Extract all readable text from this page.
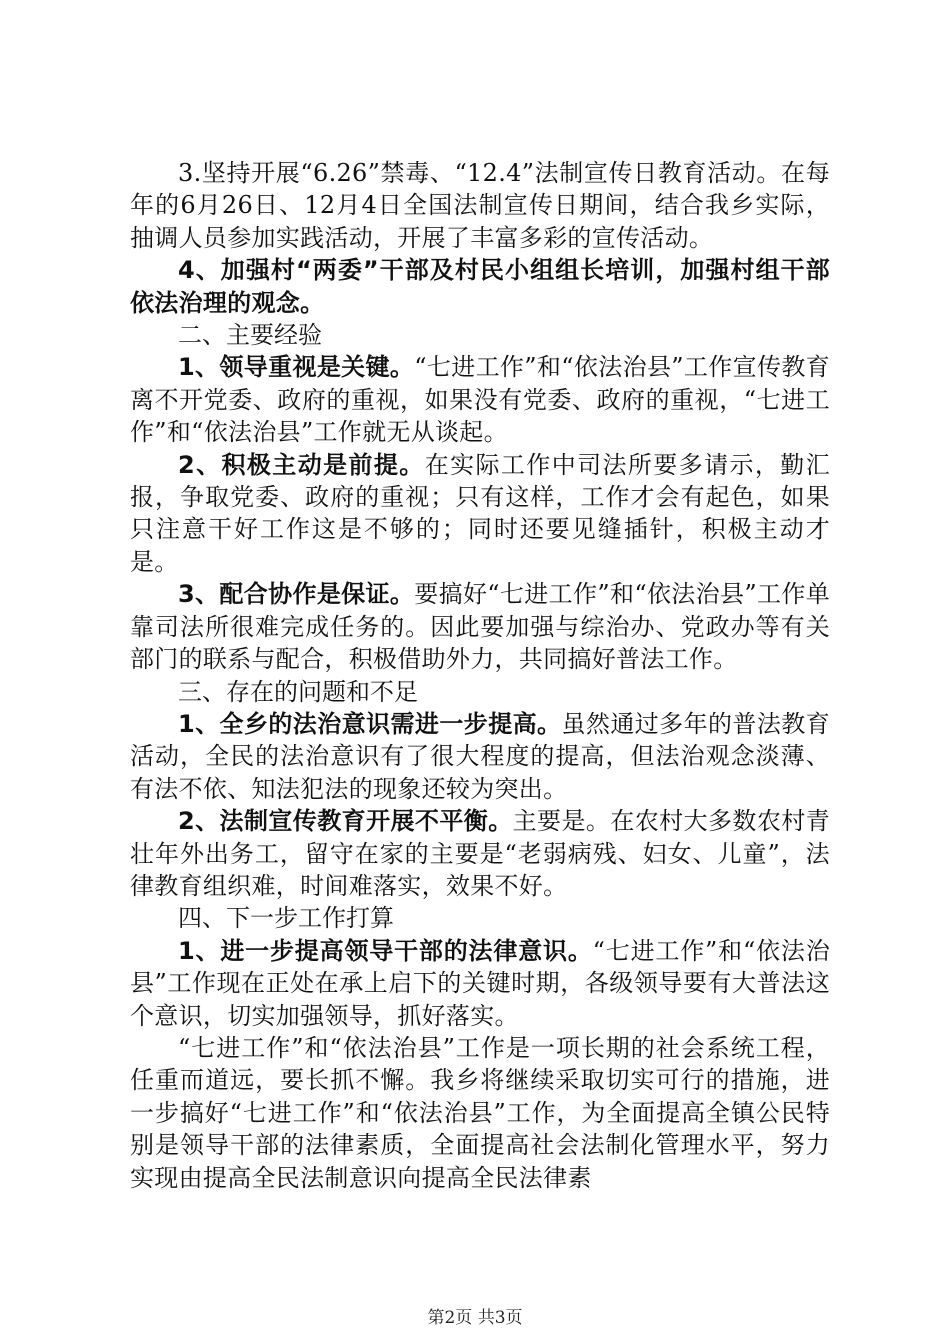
3.坚持开展“6.26”禁毒、“12.4”法制宣传日教育活动。在每年的6月26日、12月4日全国法制宣传日期间，结合我乡实际，抽调人员参加实践活动，开展了丰富多彩的宣传活动。

4、加强村“两委”干部及村民小组组长培训，加强村组干部依法治理的观念。

二、主要经验

1、领导重视是关键。“七进工作”和“依法治县”工作宣传教育离不开党委、政府的重视，如果没有党委、政府的重视，“七进工作”和“依法治县”工作就无从谈起。

2、积极主动是前提。在实际工作中司法所要多请示，勤汇报，争取党委、政府的重视；只有这样，工作才会有起色，如果只注意干好工作这是不够的；同时还要见缝插针，积极主动才是。

3、配合协作是保证。要搞好“七进工作”和“依法治县”工作单靠司法所很难完成任务的。因此要加强与综治办、党政办等有关部门的联系与配合，积极借助外力，共同搞好普法工作。

三、存在的问题和不足

1、全乡的法治意识需进一步提高。虽然通过多年的普法教育活动，全民的法治意识有了很大程度的提高，但法治观念淡薄、有法不依、知法犯法的现象还较为突出。

2、法制宣传教育开展不平衡。主要是。在农村大多数农村青壮年外出务工，留守在家的主要是“老弱病残、妇女、儿童”，法律教育组织难，时间难落实，效果不好。

四、下一步工作打算

1、进一步提高领导干部的法律意识。“七进工作”和“依法治县”工作现在正处在承上启下的关键时期，各级领导要有大普法这个意识，切实加强领导，抓好落实。

“七进工作”和“依法治县”工作是一项长期的社会系统工程，任重而道远，要长抓不懈。我乡将继续采取切实可行的措施，进一步搞好“七进工作”和“依法治县”工作，为全面提高全镇公民特别是领导干部的法律素质，全面提高社会法制化管理水平，努力实现由提高全民法制意识向提高全民法律素

第2页 共3页
